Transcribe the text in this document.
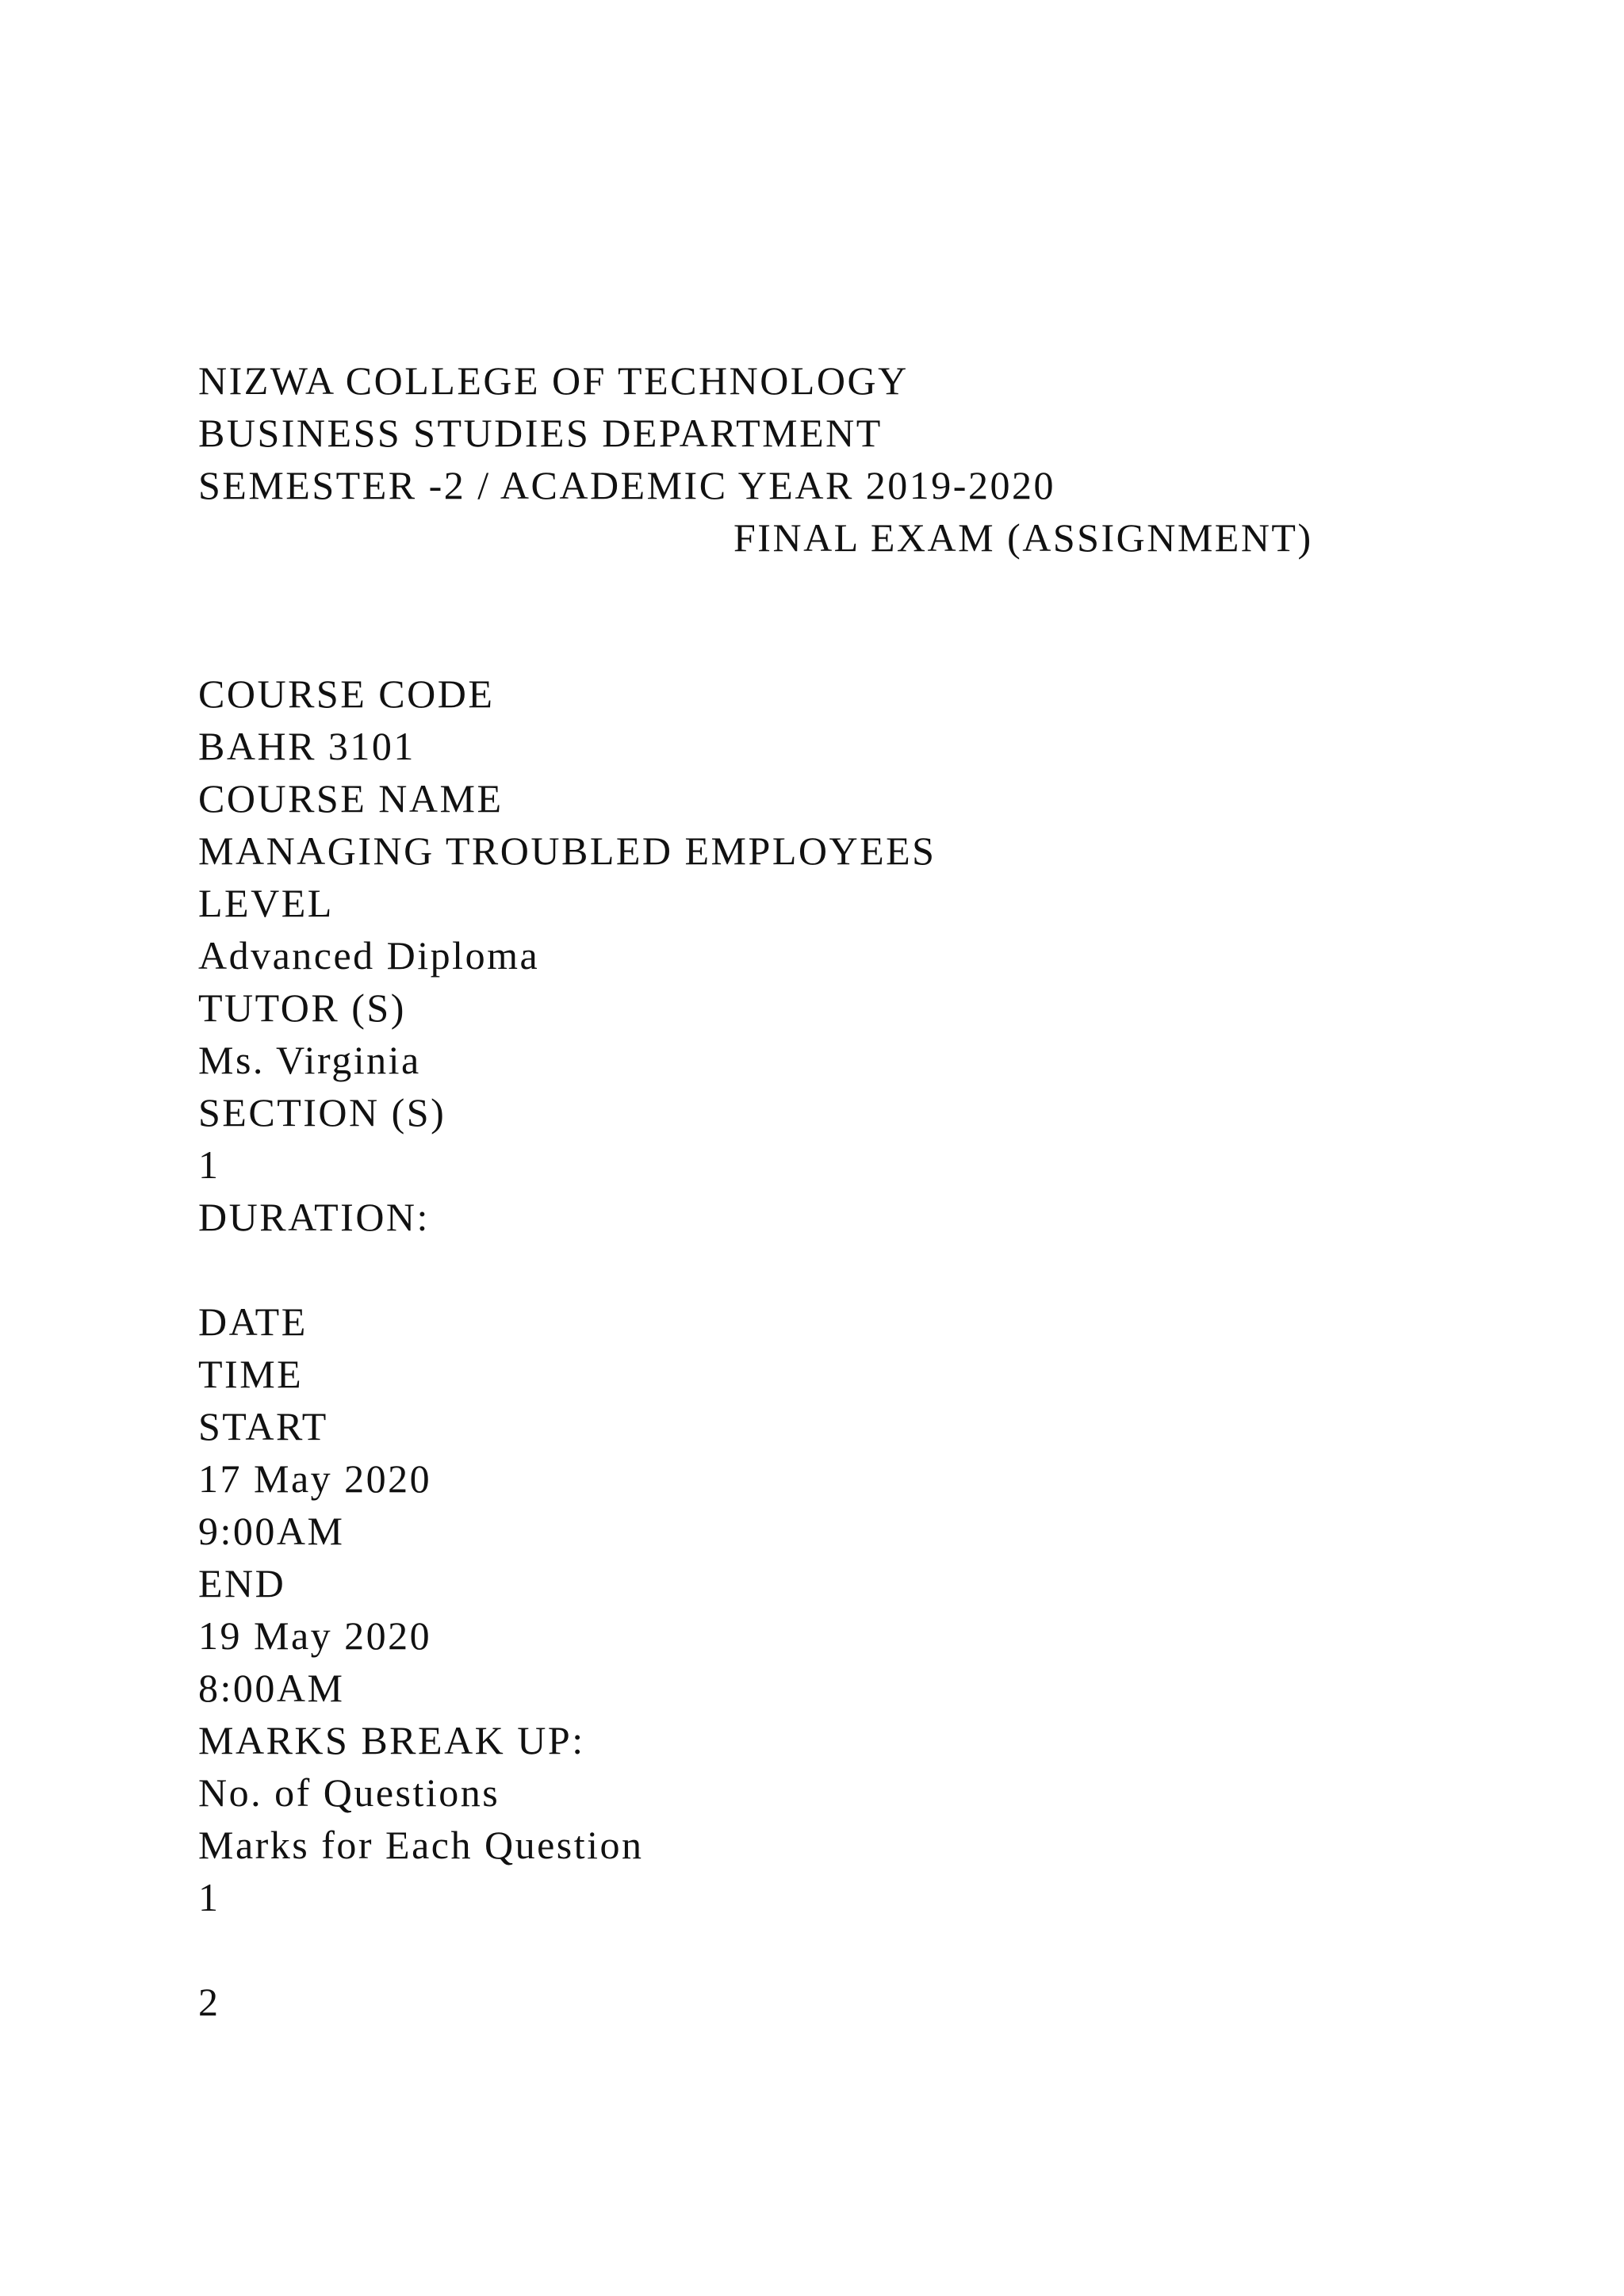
NIZWA COLLEGE OF TECHNOLOGY
BUSINESS STUDIES DEPARTMENT
SEMESTER -2 / ACADEMIC YEAR 2019-2020
FINAL EXAM (ASSIGNMENT)
COURSE CODE
BAHR 3101
COURSE NAME
MANAGING TROUBLED EMPLOYEES
LEVEL
Advanced Diploma
TUTOR (S)
Ms. Virginia
SECTION (S)
1
DURATION:
DATE
TIME
START
17 May 2020
9:00AM
END
19 May 2020
8:00AM
MARKS BREAK UP:
No. of Questions
Marks for Each Question
1
2
